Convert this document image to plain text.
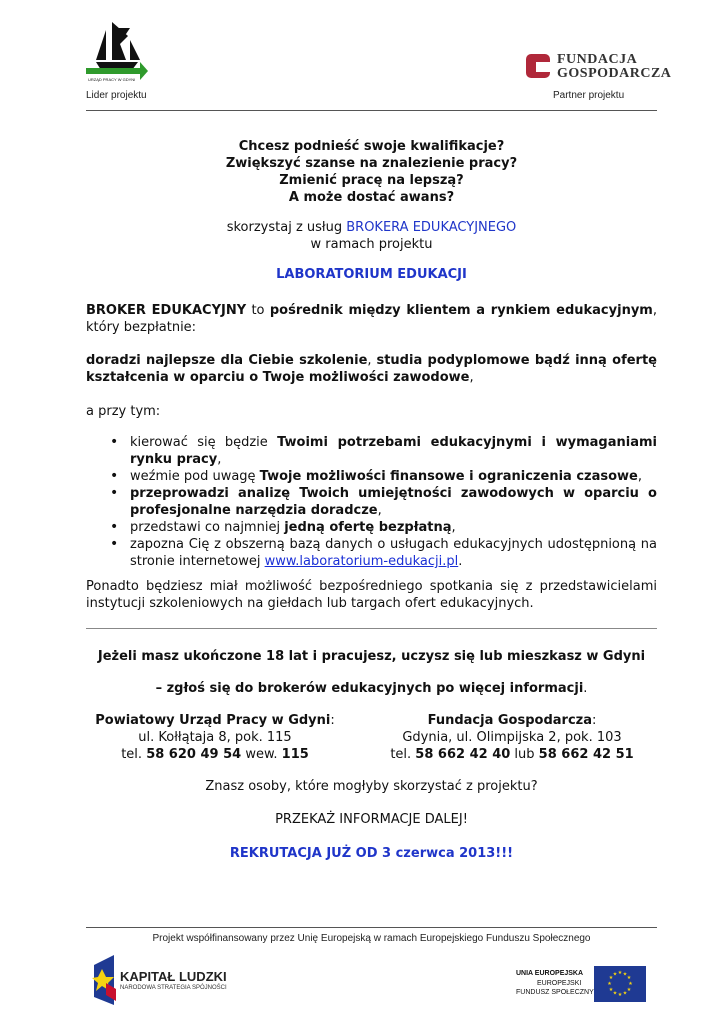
URZĄD PRACY W GDYNI
Lider projektu
FUNDACJA
GOSPODARCZA
Partner projektu
Chcesz podnieść swoje kwalifikacje?
Zwiększyć szanse na znalezienie pracy?
Zmienić pracę na lepszą?
A może dostać awans?
skorzystaj z usług BROKERA EDUKACYJNEGO
w ramach projektu
LABORATORIUM EDUKACJI
BROKER EDUKACYJNY to pośrednik między klientem a rynkiem edukacyjnym, który bezpłatnie:
doradzi najlepsze dla Ciebie szkolenie, studia podyplomowe bądź inną ofertę kształcenia w oparciu o Twoje możliwości zawodowe,
a przy tym:
• kierować się będzie Twoimi potrzebami edukacyjnymi i wymaganiami rynku pracy,
• weźmie pod uwagę Twoje możliwości finansowe i ograniczenia czasowe,
• przeprowadzi analizę Twoich umiejętności zawodowych w oparciu o profesjonalne narzędzia doradcze,
• przedstawi co najmniej jedną ofertę bezpłatną,
• zapozna Cię z obszerną bazą danych o usługach edukacyjnych udostępnioną na stronie internetowej www.laboratorium-edukacji.pl.
Ponadto będziesz miał możliwość bezpośredniego spotkania się z przedstawicielami instytucji szkoleniowych na giełdach lub targach ofert edukacyjnych.
Jeżeli masz ukończone 18 lat i pracujesz, uczysz się lub mieszkasz w Gdyni
– zgłoś się do brokerów edukacyjnych po więcej informacji.
Powiatowy Urząd Pracy w Gdyni:
ul. Kołłątaja 8, pok. 115
tel. 58 620 49 54 wew. 115
Fundacja Gospodarcza:
Gdynia, ul. Olimpijska 2, pok. 103
tel. 58 662 42 40 lub 58 662 42 51
Znasz osoby, które mogłyby skorzystać z projektu?
PRZEKAŻ INFORMACJE DALEJ!
REKRUTACJA JUŻ OD 3 czerwca 2013!!!
Projekt współfinansowany przez Unię Europejską w ramach Europejskiego Funduszu Społecznego
KAPITAŁ LUDZKI
NARODOWA STRATEGIA SPÓJNOŚCI
UNIA EUROPEJSKA
EUROPEJSKI
FUNDUSZ SPOŁECZNY
★ ★
★
★
★
★
★
★
★
★
★
★
